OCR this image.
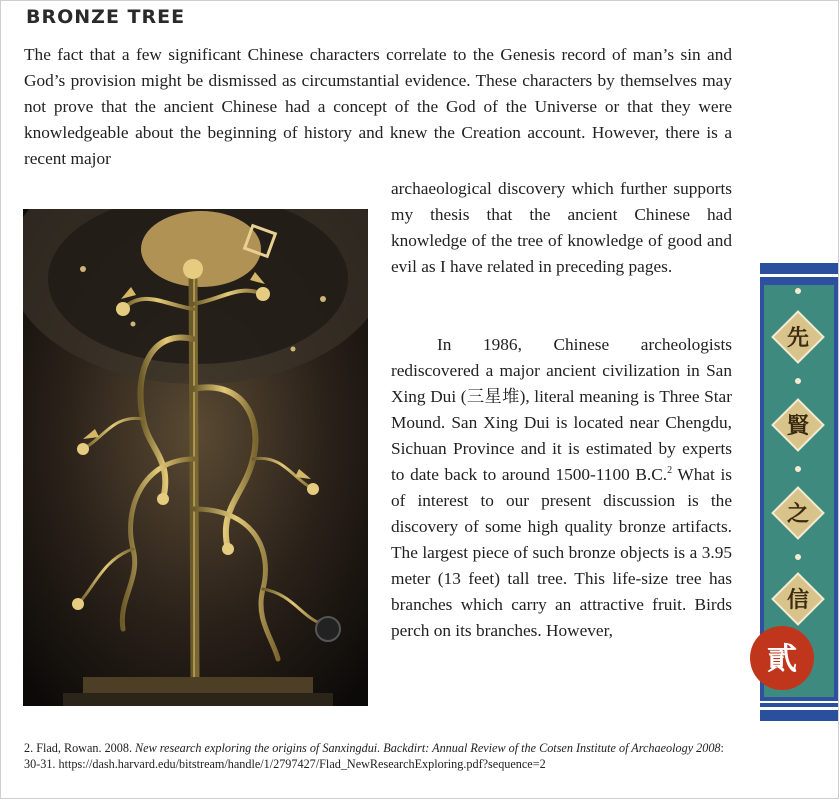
BRONZE TREE

The fact that a few significant Chinese characters correlate to the Genesis record of man’s sin and God’s provision might be dismissed as circumstantial evidence. These characters by themselves may not prove that the ancient Chinese had a concept of the God of the Universe or that they were knowledgeable about the beginning of history and knew the Creation account. However, there is a recent major

archaeological discovery which further supports my thesis that the ancient Chinese had knowledge of the tree of knowledge of good and evil as I have related in preceding pages.

In 1986, Chinese archeologists rediscovered a major ancient civilization in San Xing Dui (三星堆), literal meaning is Three Star Mound. San Xing Dui is located near Chengdu, Sichuan Province and it is estimated by experts to date back to around 1500-1100 B.C.$^2$ What is of interest to our present discussion is the discovery of some high quality bronze artifacts. The largest piece of such bronze objects is a 3.95 meter (13 feet) tall tree. This life-size tree has branches which carry an attractive fruit. Birds perch on its branches. However,

先
賢
之
信
貳

2. Flad, Rowan. 2008. New research exploring the origins of Sanxingdui. Backdirt: Annual Review of the Cotsen Institute of Archaeology 2008: 30-31. https://dash.harvard.edu/bitstream/handle/1/2797427/Flad_NewResearchExploring.pdf?sequence=2
